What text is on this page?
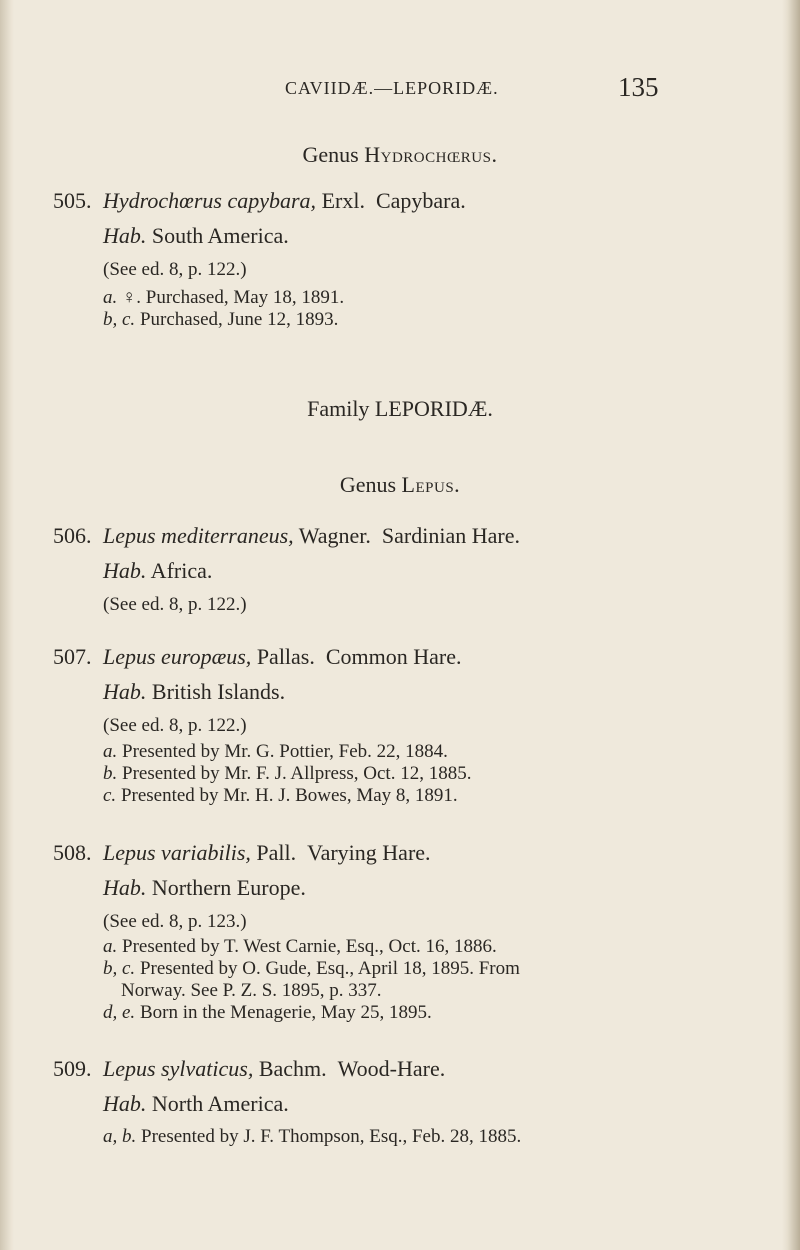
CAVIIDÆ.—LEPORIDÆ.	135
Genus Hydrochœrus.
505. Hydrochœrus capybara, Erxl. Capybara.
Hab. South America.
(See ed. 8, p. 122.)
a. ♀. Purchased, May 18, 1891.
b, c. Purchased, June 12, 1893.
Family LEPORIDÆ.
Genus Lepus.
506. Lepus mediterraneus, Wagner. Sardinian Hare.
Hab. Africa.
(See ed. 8, p. 122.)
507. Lepus europæus, Pallas. Common Hare.
Hab. British Islands.
(See ed. 8, p. 122.)
a. Presented by Mr. G. Pottier, Feb. 22, 1884.
b. Presented by Mr. F. J. Allpress, Oct. 12, 1885.
c. Presented by Mr. H. J. Bowes, May 8, 1891.
508. Lepus variabilis, Pall. Varying Hare.
Hab. Northern Europe.
(See ed. 8, p. 123.)
a. Presented by T. West Carnie, Esq., Oct. 16, 1886.
b, c. Presented by O. Gude, Esq., April 18, 1895. From
Norway. See P. Z. S. 1895, p. 337.
d, e. Born in the Menagerie, May 25, 1895.
509. Lepus sylvaticus, Bachm. Wood-Hare.
Hab. North America.
a, b. Presented by J. F. Thompson, Esq., Feb. 28, 1885.
